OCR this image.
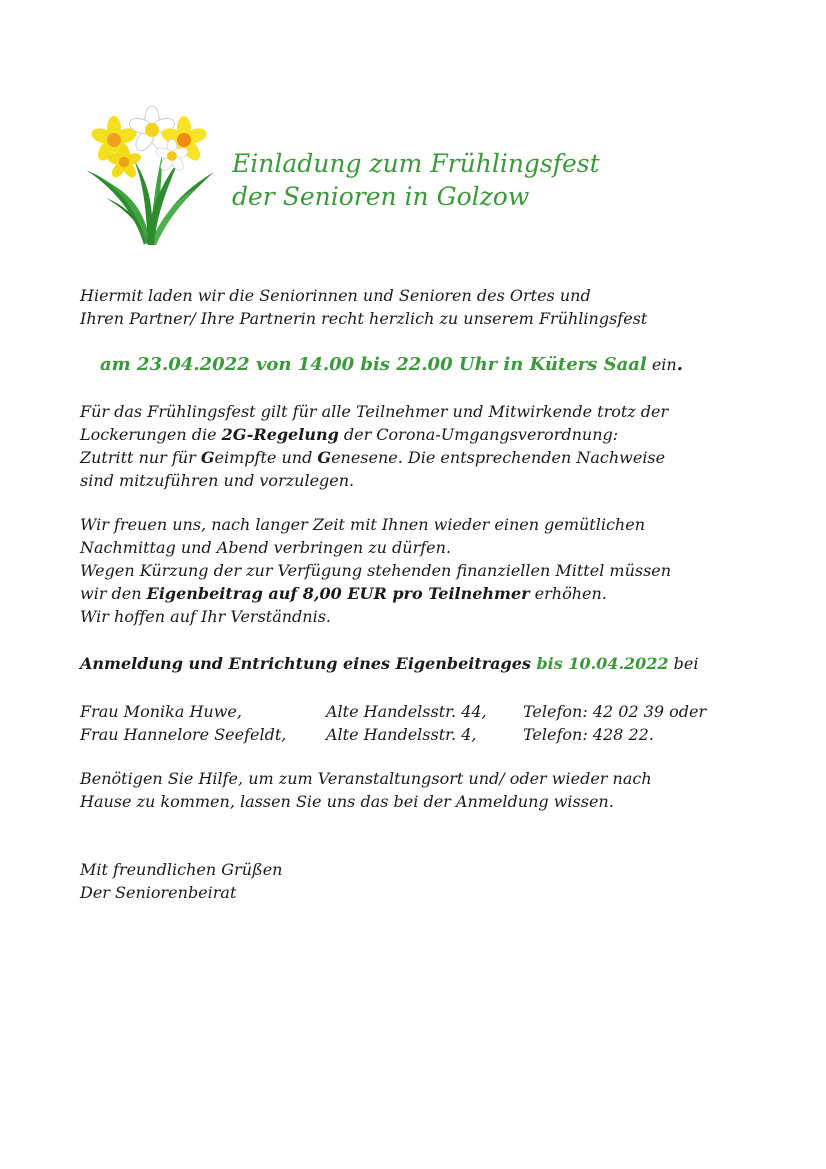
Einladung zum Frühlingsfest
der Senioren in Golzow
Hiermit laden wir die Seniorinnen und Senioren des Ortes und
Ihren Partner/ Ihre Partnerin recht herzlich zu unserem Frühlingsfest
am 23.04.2022 von 14.00 bis 22.00 Uhr in Küters Saal ein.
Für das Frühlingsfest gilt für alle Teilnehmer und Mitwirkende trotz der
Lockerungen die 2G-Regelung der Corona-Umgangsverordnung:
Zutritt nur für Geimpfte und Genesene. Die entsprechenden Nachweise
sind mitzuführen und vorzulegen.
Wir freuen uns, nach langer Zeit mit Ihnen wieder einen gemütlichen
Nachmittag und Abend verbringen zu dürfen.
Wegen Kürzung der zur Verfügung stehenden finanziellen Mittel müssen
wir den Eigenbeitrag auf 8,00 EUR pro Teilnehmer erhöhen.
Wir hoffen auf Ihr Verständnis.
Anmeldung und Entrichtung eines Eigenbeitrages bis 10.04.2022 bei
Frau Monika Huwe,	Alte Handelsstr. 44,	Telefon: 42 02 39 oder
Frau Hannelore Seefeldt,	Alte Handelsstr. 4,	Telefon: 428 22.
Benötigen Sie Hilfe, um zum Veranstaltungsort und/ oder wieder nach
Hause zu kommen, lassen Sie uns das bei der Anmeldung wissen.
Mit freundlichen Grüßen
Der Seniorenbeirat
